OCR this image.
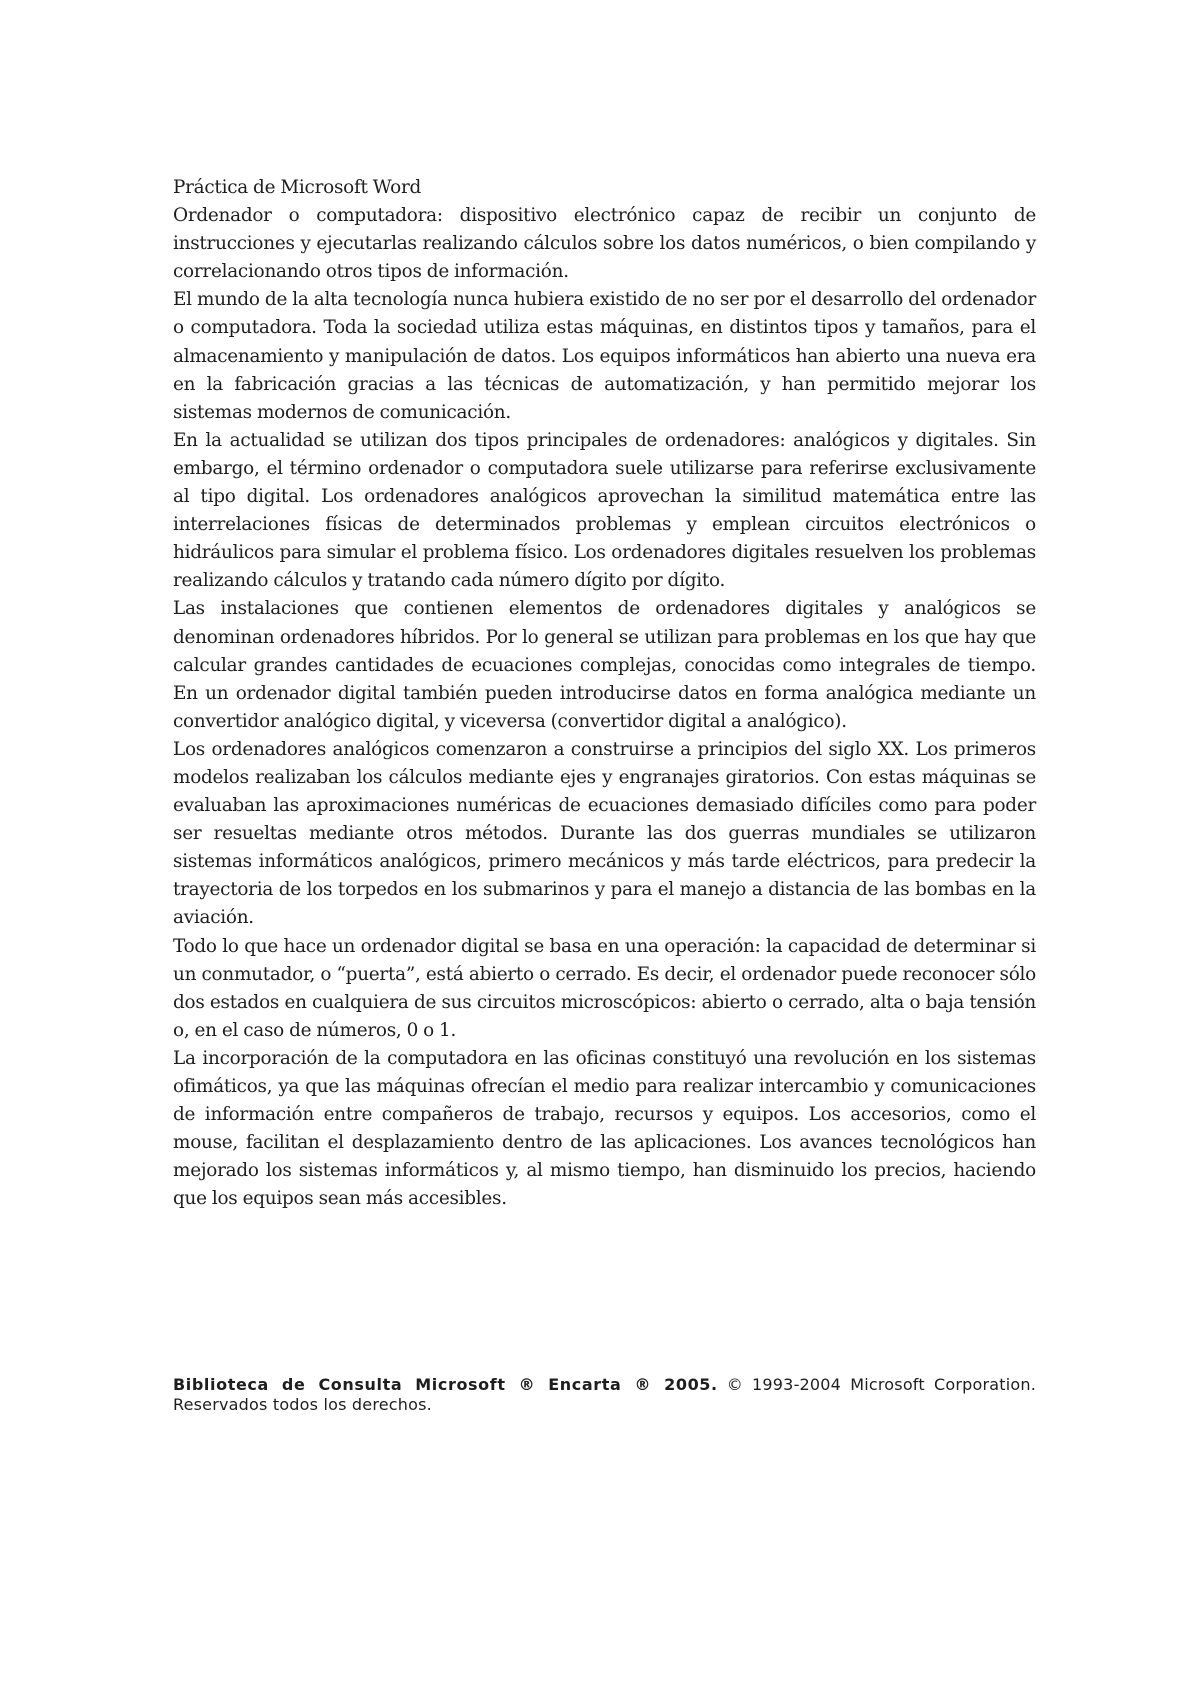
Práctica de Microsoft Word

Ordenador o computadora: dispositivo electrónico capaz de recibir un conjunto de instrucciones y ejecutarlas realizando cálculos sobre los datos numéricos, o bien compilando y correlacionando otros tipos de información.

El mundo de la alta tecnología nunca hubiera existido de no ser por el desarrollo del ordenador o computadora. Toda la sociedad utiliza estas máquinas, en distintos tipos y tamaños, para el almacenamiento y manipulación de datos. Los equipos informáticos han abierto una nueva era en la fabricación gracias a las técnicas de automatización, y han permitido mejorar los sistemas modernos de comunicación.

En la actualidad se utilizan dos tipos principales de ordenadores: analógicos y digitales. Sin embargo, el término ordenador o computadora suele utilizarse para referirse exclusivamente al tipo digital. Los ordenadores analógicos aprovechan la similitud matemática entre las interrelaciones físicas de determinados problemas y emplean circuitos electrónicos o hidráulicos para simular el problema físico. Los ordenadores digitales resuelven los problemas realizando cálculos y tratando cada número dígito por dígito.

Las instalaciones que contienen elementos de ordenadores digitales y analógicos se denominan ordenadores híbridos. Por lo general se utilizan para problemas en los que hay que calcular grandes cantidades de ecuaciones complejas, conocidas como integrales de tiempo. En un ordenador digital también pueden introducirse datos en forma analógica mediante un convertidor analógico digital, y viceversa (convertidor digital a analógico).

Los ordenadores analógicos comenzaron a construirse a principios del siglo XX. Los primeros modelos realizaban los cálculos mediante ejes y engranajes giratorios. Con estas máquinas se evaluaban las aproximaciones numéricas de ecuaciones demasiado difíciles como para poder ser resueltas mediante otros métodos. Durante las dos guerras mundiales se utilizaron sistemas informáticos analógicos, primero mecánicos y más tarde eléctricos, para predecir la trayectoria de los torpedos en los submarinos y para el manejo a distancia de las bombas en la aviación.

Todo lo que hace un ordenador digital se basa en una operación: la capacidad de determinar si un conmutador, o “puerta”, está abierto o cerrado. Es decir, el ordenador puede reconocer sólo dos estados en cualquiera de sus circuitos microscópicos: abierto o cerrado, alta o baja tensión o, en el caso de números, 0 o 1.

La incorporación de la computadora en las oficinas constituyó una revolución en los sistemas ofimáticos, ya que las máquinas ofrecían el medio para realizar intercambio y comunicaciones de información entre compañeros de trabajo, recursos y equipos. Los accesorios, como el mouse, facilitan el desplazamiento dentro de las aplicaciones. Los avances tecnológicos han mejorado los sistemas informáticos y, al mismo tiempo, han disminuido los precios, haciendo que los equipos sean más accesibles.

Biblioteca de Consulta Microsoft ® Encarta ® 2005. © 1993-2004 Microsoft Corporation. Reservados todos los derechos.
